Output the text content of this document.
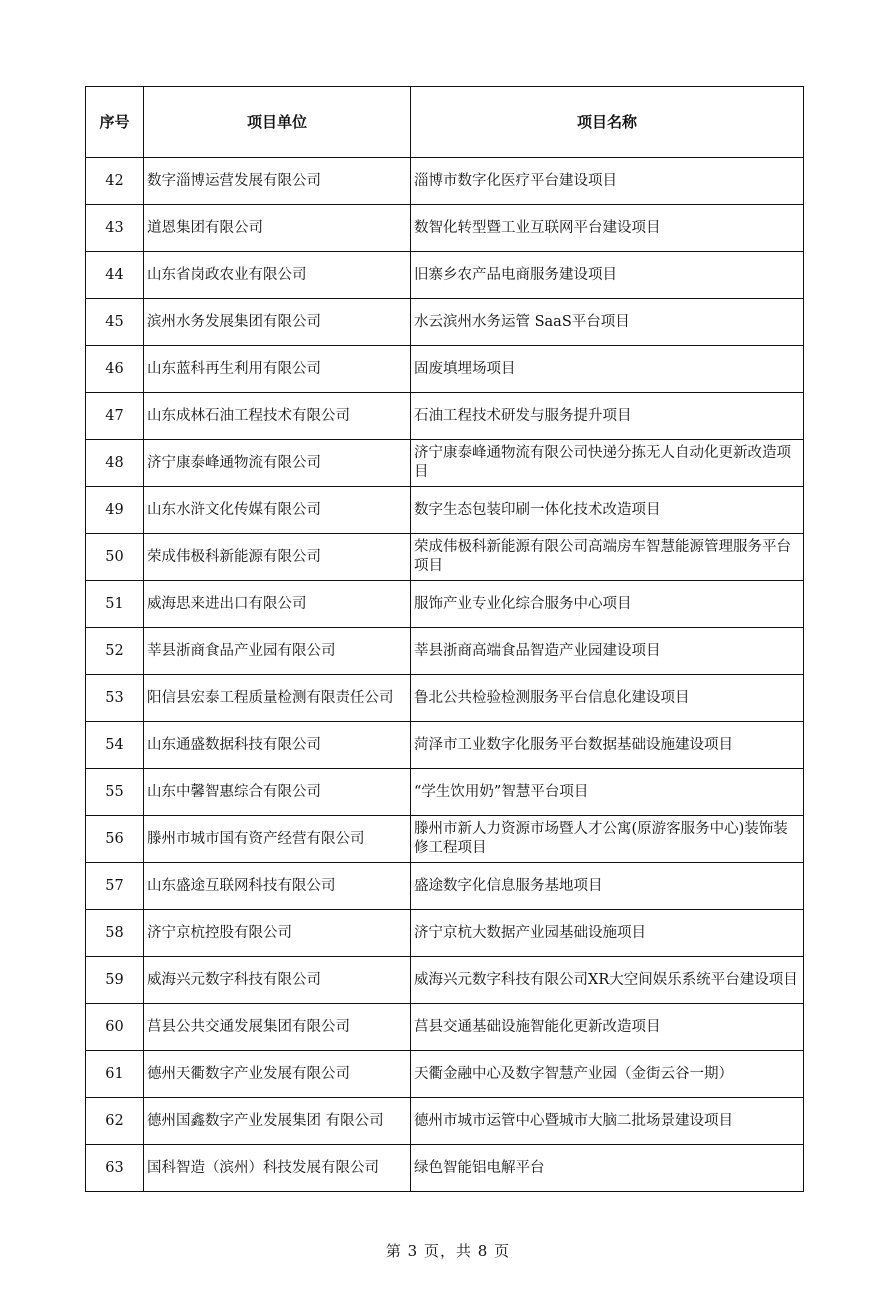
序号	项目单位	项目名称
42	数字淄博运营发展有限公司	淄博市数字化医疗平台建设项目
43	道恩集团有限公司	数智化转型暨工业互联网平台建设项目
44	山东省岗政农业有限公司	旧寨乡农产品电商服务建设项目
45	滨州水务发展集团有限公司	水云滨州水务运管 SaaS平台项目
46	山东蓝科再生利用有限公司	固废填埋场项目
47	山东成林石油工程技术有限公司	石油工程技术研发与服务提升项目
48	济宁康泰峰通物流有限公司	济宁康泰峰通物流有限公司快递分拣无人自动化更新改造项目
49	山东水浒文化传媒有限公司	数字生态包装印刷一体化技术改造项目
50	荣成伟极科新能源有限公司	荣成伟极科新能源有限公司高端房车智慧能源管理服务平台项目
51	威海思来进出口有限公司	服饰产业专业化综合服务中心项目
52	莘县浙商食品产业园有限公司	莘县浙商高端食品智造产业园建设项目
53	阳信县宏泰工程质量检测有限责任公司	鲁北公共检验检测服务平台信息化建设项目
54	山东通盛数据科技有限公司	菏泽市工业数字化服务平台数据基础设施建设项目
55	山东中馨智惠综合有限公司	“学生饮用奶”智慧平台项目
56	滕州市城市国有资产经营有限公司	滕州市新人力资源市场暨人才公寓(原游客服务中心)装饰装修工程项目
57	山东盛途互联网科技有限公司	盛途数字化信息服务基地项目
58	济宁京杭控股有限公司	济宁京杭大数据产业园基础设施项目
59	威海兴元数字科技有限公司	威海兴元数字科技有限公司XR大空间娱乐系统平台建设项目
60	莒县公共交通发展集团有限公司	莒县交通基础设施智能化更新改造项目
61	德州天衢数字产业发展有限公司	天衢金融中心及数字智慧产业园（金街云谷一期）
62	德州国鑫数字产业发展集团 有限公司	德州市城市运管中心暨城市大脑二批场景建设项目
63	国科智造（滨州）科技发展有限公司	绿色智能铝电解平台
第 3 页，共 8 页
